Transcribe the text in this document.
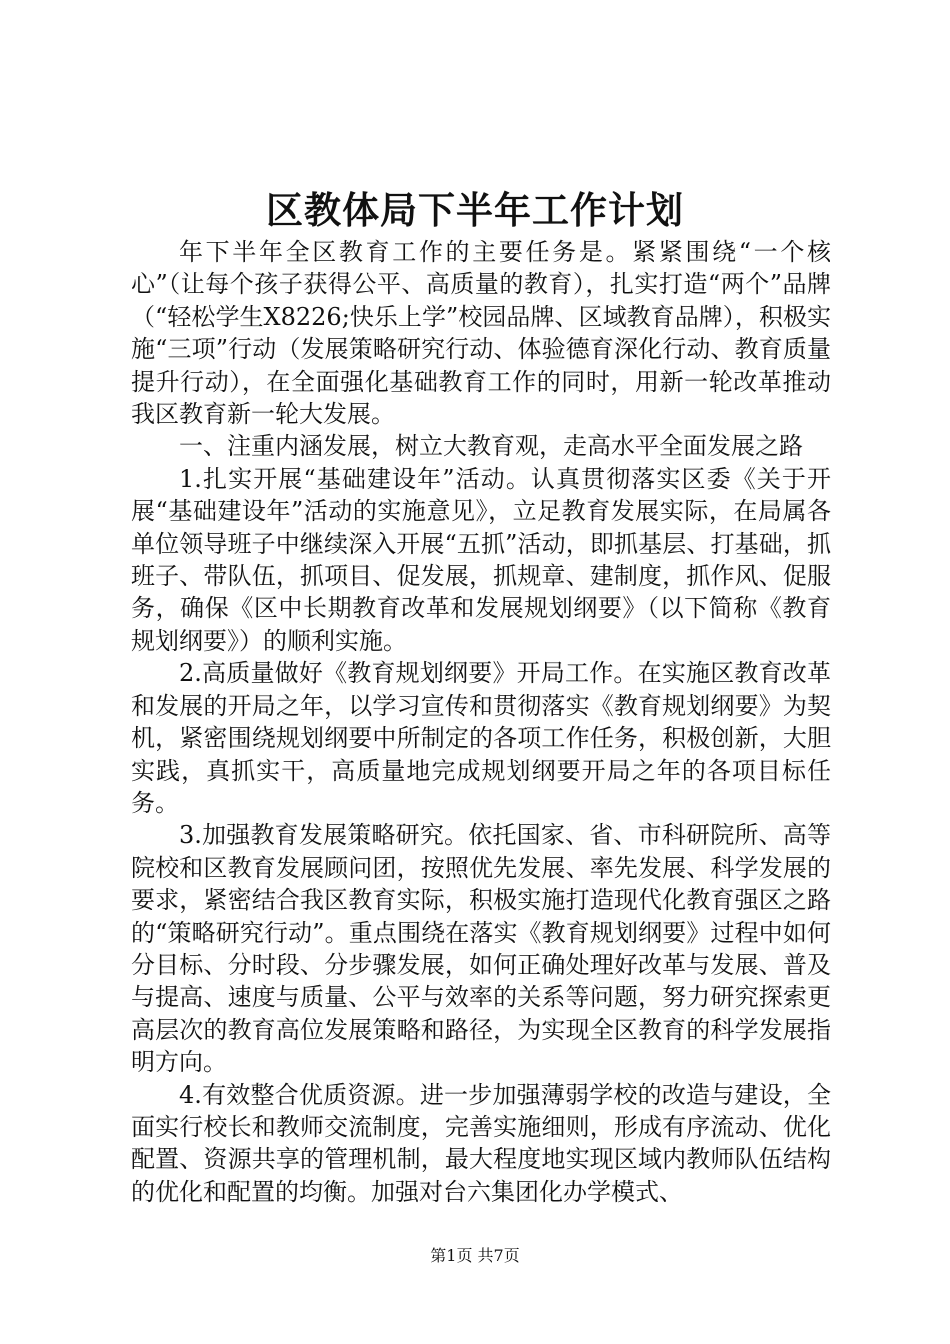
区教体局下半年工作计划

年下半年全区教育工作的主要任务是。紧紧围绕“一个核心”（让每个孩子获得公平、高质量的教育），扎实打造“两个”品牌（“轻松学生X8226;快乐上学”校园品牌、区域教育品牌），积极实施“三项”行动（发展策略研究行动、体验德育深化行动、教育质量提升行动），在全面强化基础教育工作的同时，用新一轮改革推动我区教育新一轮大发展。

一、注重内涵发展，树立大教育观，走高水平全面发展之路

1.扎实开展“基础建设年”活动。认真贯彻落实区委《关于开展“基础建设年”活动的实施意见》，立足教育发展实际，在局属各单位领导班子中继续深入开展“五抓”活动，即抓基层、打基础，抓班子、带队伍，抓项目、促发展，抓规章、建制度，抓作风、促服务，确保《区中长期教育改革和发展规划纲要》（以下简称《教育规划纲要》）的顺利实施。

2.高质量做好《教育规划纲要》开局工作。在实施区教育改革和发展的开局之年，以学习宣传和贯彻落实《教育规划纲要》为契机，紧密围绕规划纲要中所制定的各项工作任务，积极创新，大胆实践，真抓实干，高质量地完成规划纲要开局之年的各项目标任务。

3.加强教育发展策略研究。依托国家、省、市科研院所、高等院校和区教育发展顾问团，按照优先发展、率先发展、科学发展的要求，紧密结合我区教育实际，积极实施打造现代化教育强区之路的“策略研究行动”。重点围绕在落实《教育规划纲要》过程中如何分目标、分时段、分步骤发展，如何正确处理好改革与发展、普及与提高、速度与质量、公平与效率的关系等问题，努力研究探索更高层次的教育高位发展策略和路径，为实现全区教育的科学发展指明方向。

4.有效整合优质资源。进一步加强薄弱学校的改造与建设，全面实行校长和教师交流制度，完善实施细则，形成有序流动、优化配置、资源共享的管理机制，最大程度地实现区域内教师队伍结构的优化和配置的均衡。加强对台六集团化办学模式、

第1页 共7页
